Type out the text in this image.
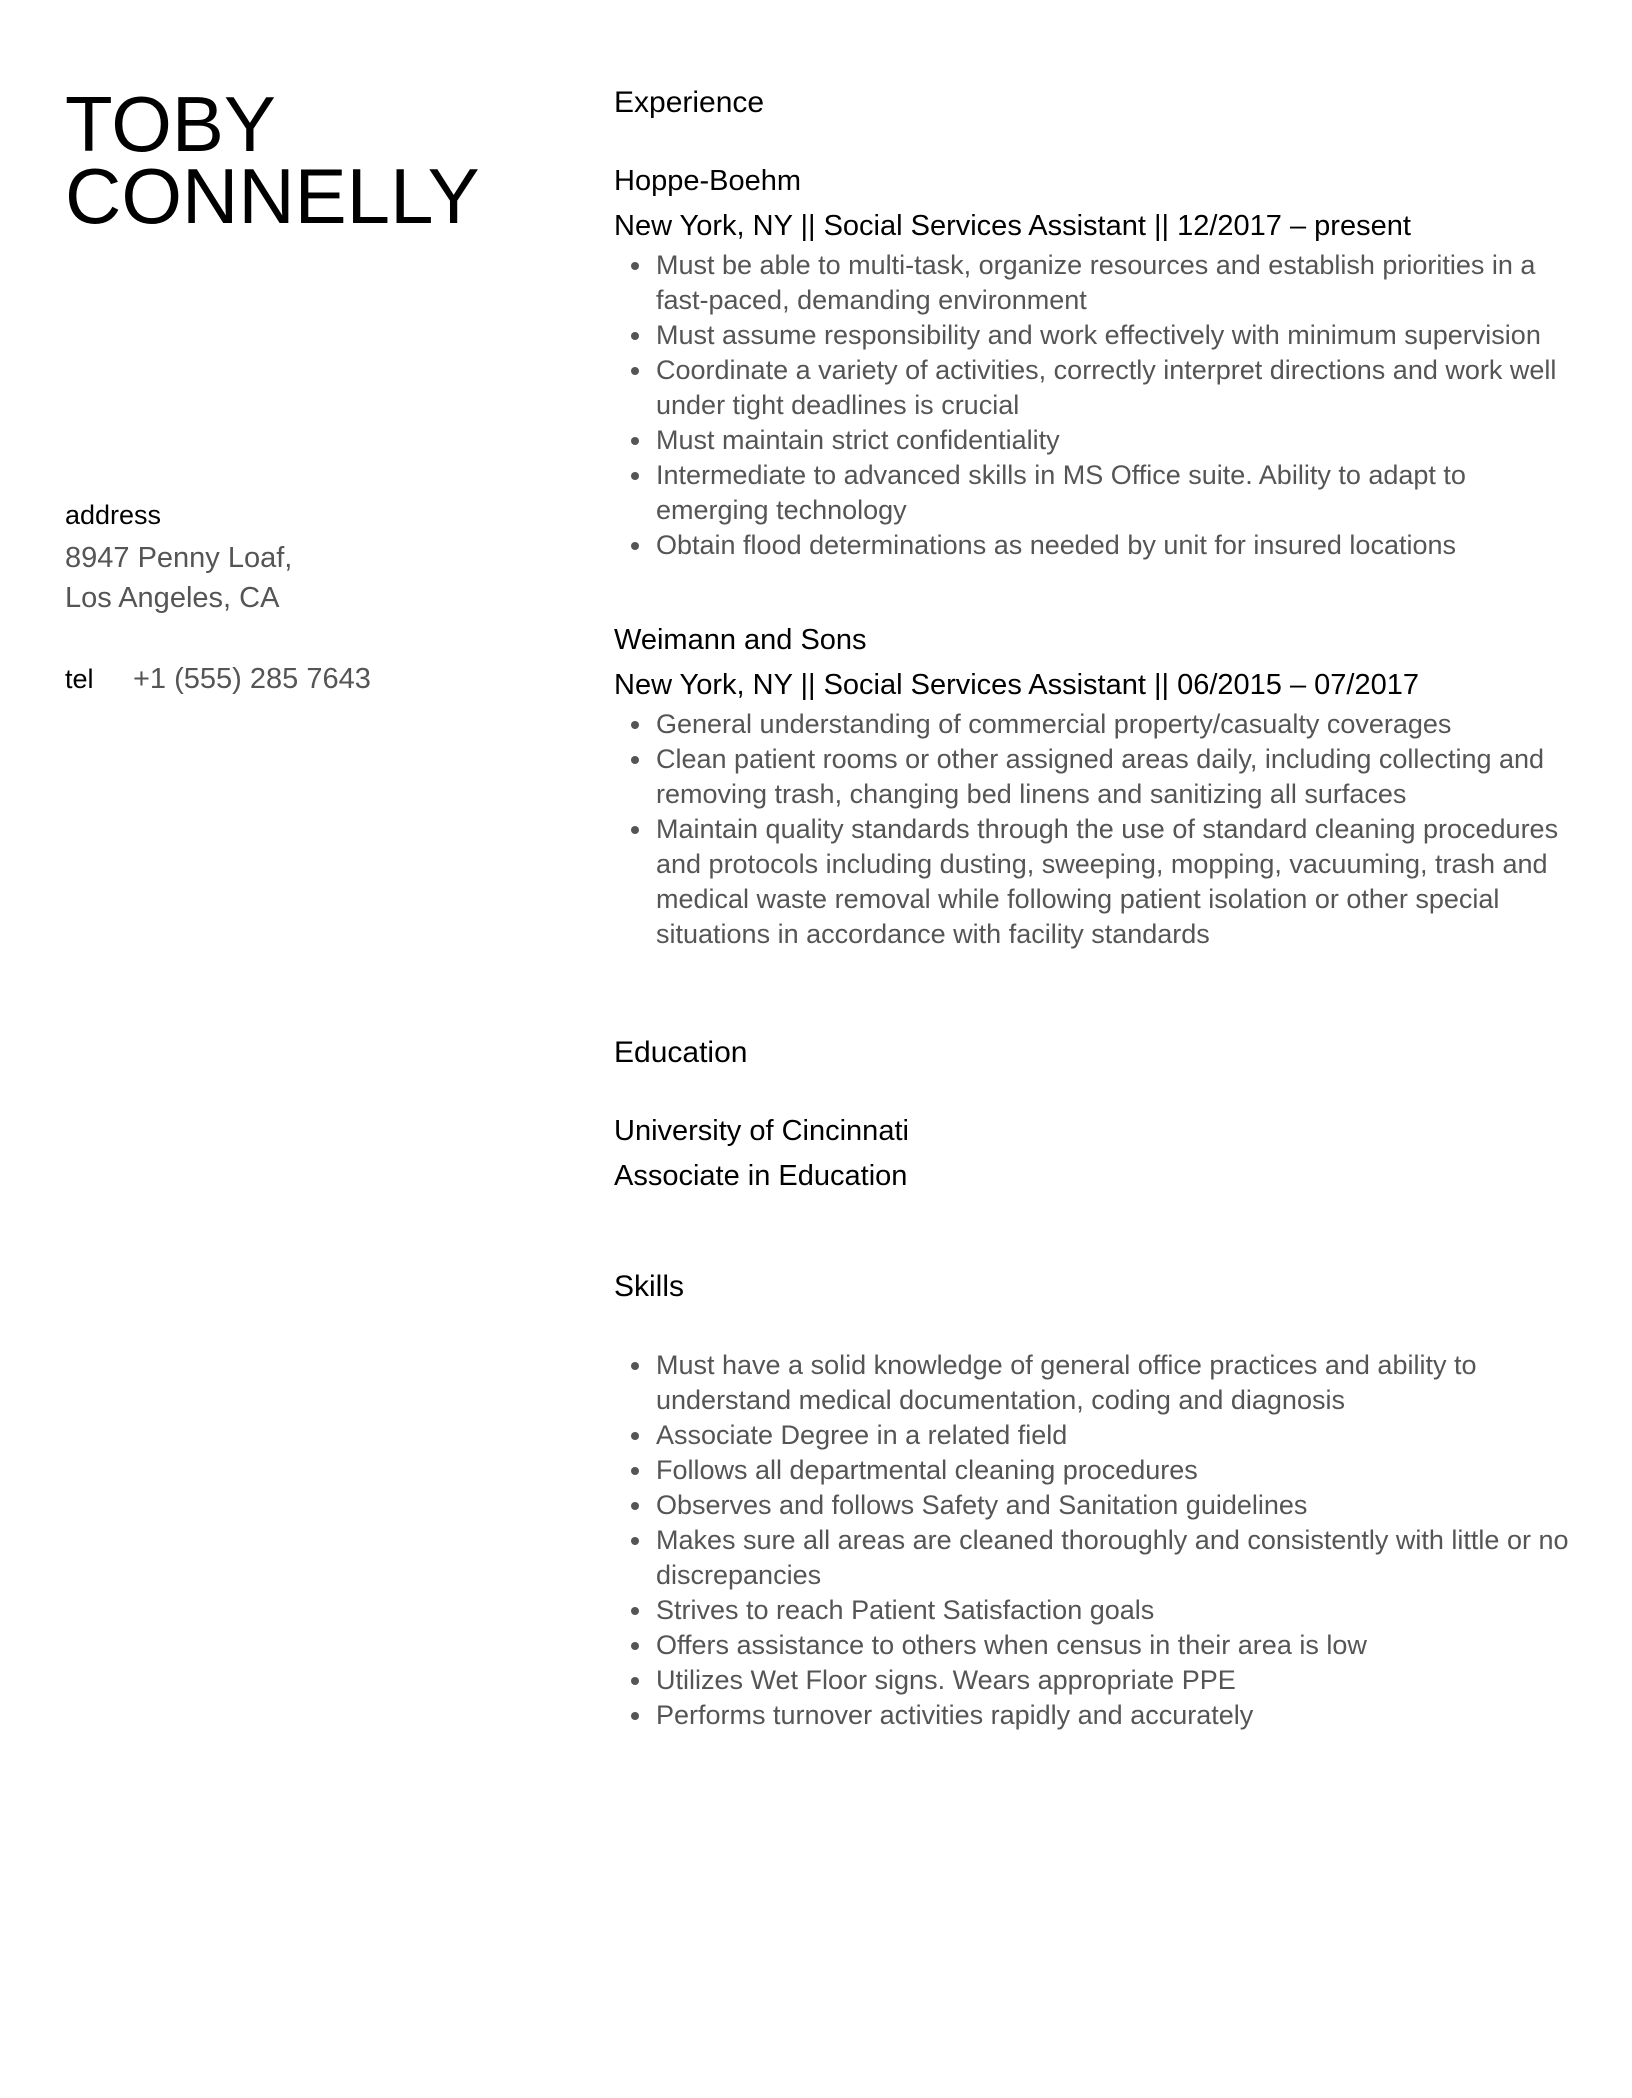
TOBY
CONNELLY
address
8947 Penny Loaf,
Los Angeles, CA
tel	+1 (555) 285 7643
Experience
Hoppe-Boehm
New York, NY || Social Services Assistant || 12/2017 – present
Must be able to multi-task, organize resources and establish priorities in a fast-paced, demanding environment
Must assume responsibility and work effectively with minimum supervision
Coordinate a variety of activities, correctly interpret directions and work well under tight deadlines is crucial
Must maintain strict confidentiality
Intermediate to advanced skills in MS Office suite. Ability to adapt to emerging technology
Obtain flood determinations as needed by unit for insured locations
Weimann and Sons
New York, NY || Social Services Assistant || 06/2015 – 07/2017
General understanding of commercial property/casualty coverages
Clean patient rooms or other assigned areas daily, including collecting and removing trash, changing bed linens and sanitizing all surfaces
Maintain quality standards through the use of standard cleaning procedures and protocols including dusting, sweeping, mopping, vacuuming, trash and medical waste removal while following patient isolation or other special situations in accordance with facility standards
Education
University of Cincinnati
Associate in Education
Skills
Must have a solid knowledge of general office practices and ability to understand medical documentation, coding and diagnosis
Associate Degree in a related field
Follows all departmental cleaning procedures
Observes and follows Safety and Sanitation guidelines
Makes sure all areas are cleaned thoroughly and consistently with little or no discrepancies
Strives to reach Patient Satisfaction goals
Offers assistance to others when census in their area is low
Utilizes Wet Floor signs. Wears appropriate PPE
Performs turnover activities rapidly and accurately
